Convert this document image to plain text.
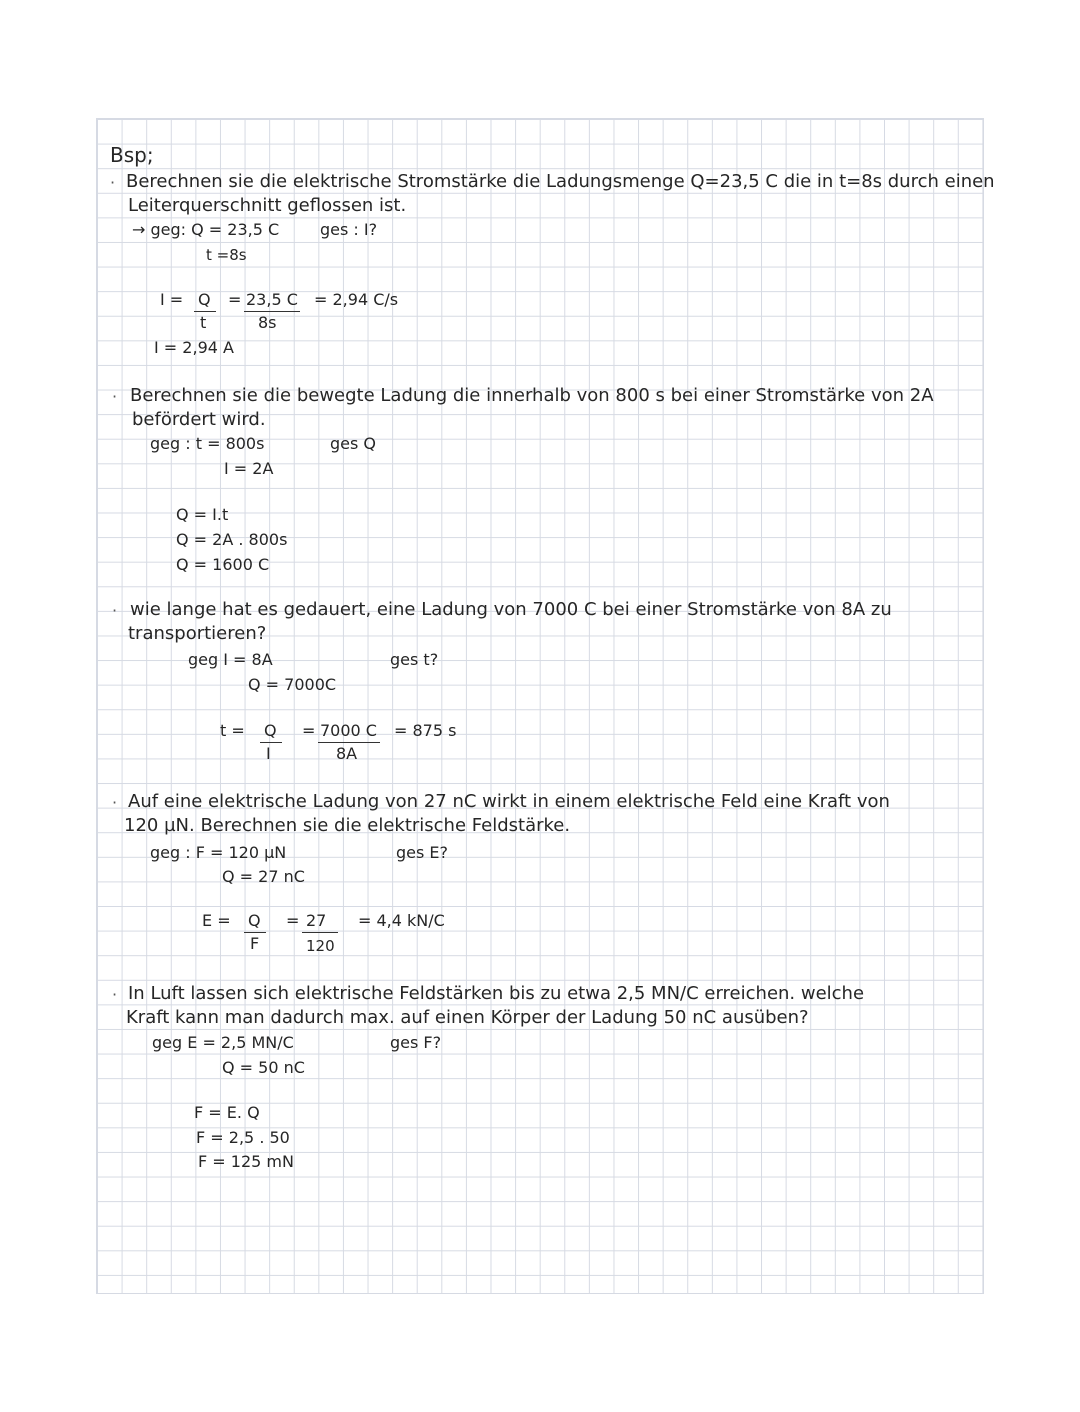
Bsp;
· Berechnen sie die elektrische Stromstärke die Ladungsmenge Q=23,5 C die in t=8s durch einen
Leiterquerschnitt geflossen ist.
→ geg: Q = 23,5 C	ges : I?
t =8s
I = Q
t
= 23,5 C
8s
= 2,94 C/s
I = 2,94 A
· Berechnen sie die bewegte Ladung die innerhalb von 800 s bei einer Stromstärke von 2A
befördert wird.
geg : t = 800s	ges Q
I = 2A
Q = I.t
Q = 2A . 800s
Q = 1600 C
· wie lange hat es gedauert, eine Ladung von 7000 C bei einer Stromstärke von 8A zu
transportieren?
geg I = 8A	ges t?
Q = 7000C
t = Q
I
= 7000 C
8A
= 875 s
· Auf eine elektrische Ladung von 27 nC wirkt in einem elektrische Feld eine Kraft von
120 µN. Berechnen sie die elektrische Feldstärke.
geg : F = 120 µN	ges E?
Q = 27 nC
E = Q
F
= 27
120
= 4,4 kN/C
· In Luft lassen sich elektrische Feldstärken bis zu etwa 2,5 MN/C erreichen. welche
Kraft kann man dadurch max. auf einen Körper der Ladung 50 nC ausüben?
geg E = 2,5 MN/C	ges F?
Q = 50 nC
F = E. Q
F = 2,5 . 50
F = 125 mN
